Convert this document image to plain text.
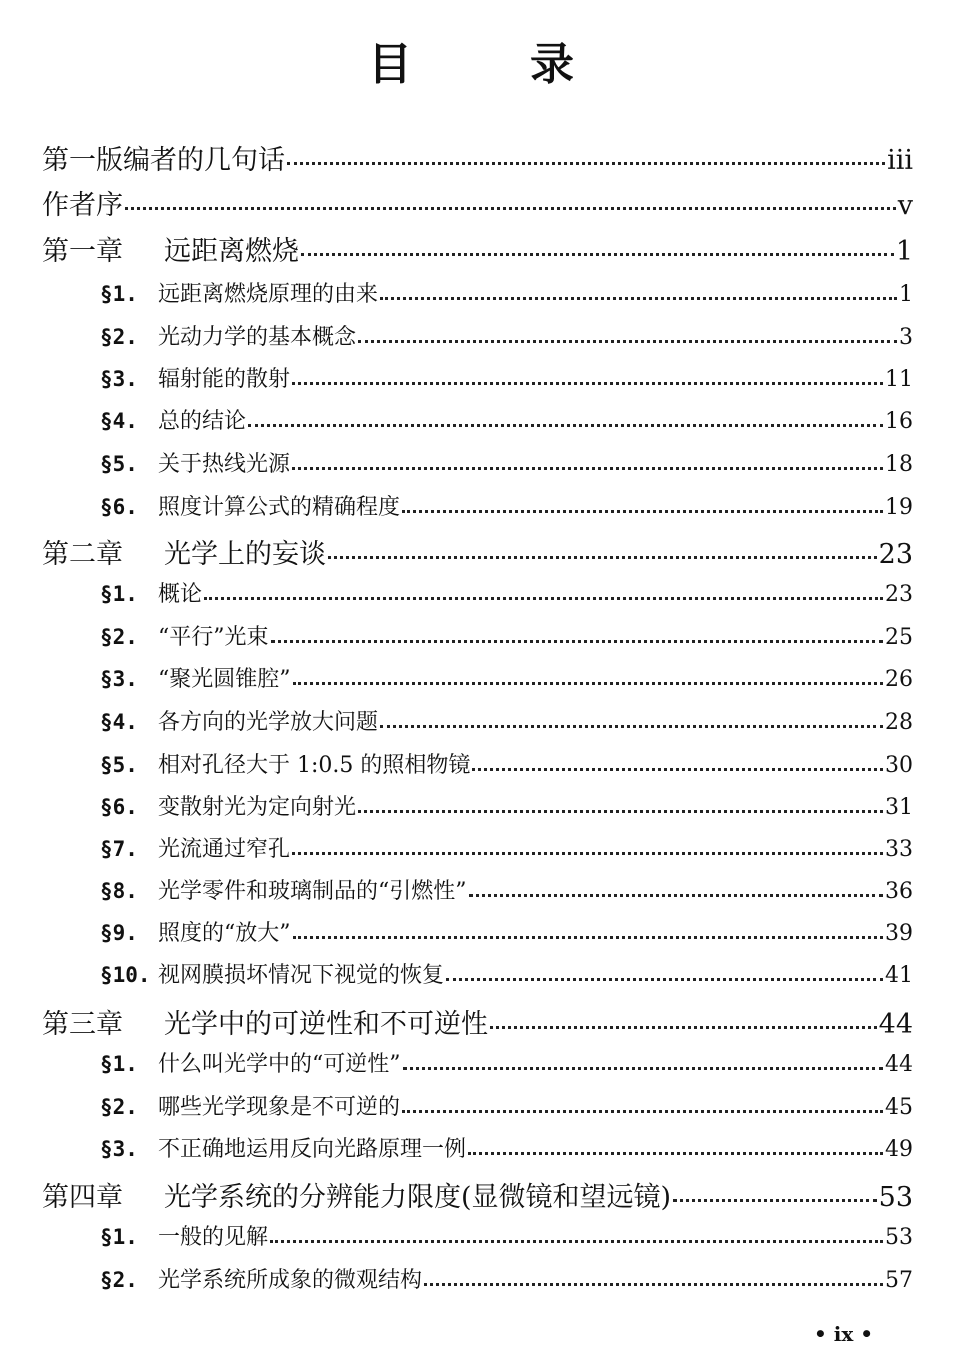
目	录
第一版编者的几句话	iii
作者序	v
第一章	远距离燃烧	1
§1. 远距离燃烧原理的由来	1
§2. 光动力学的基本概念	3
§3. 辐射能的散射	11
§4. 总的结论	16
§5. 关于热线光源	18
§6. 照度计算公式的精确程度	19
第二章	光学上的妄谈	23
§1. 概论	23
§2. “平行”光束	25
§3. “聚光圆锥腔”	26
§4. 各方向的光学放大问题	28
§5. 相对孔径大于 1:0.5 的照相物镜	30
§6. 变散射光为定向射光	31
§7. 光流通过窄孔	33
§8. 光学零件和玻璃制品的“引燃性”	36
§9. 照度的“放大”	39
§10. 视网膜损坏情况下视觉的恢复	41
第三章	光学中的可逆性和不可逆性	44
§1. 什么叫光学中的“可逆性”	44
§2. 哪些光学现象是不可逆的	45
§3. 不正确地运用反向光路原理一例	49
第四章	光学系统的分辨能力限度(显微镜和望远镜)	53
§1. 一般的见解	53
§2. 光学系统所成象的微观结构	57
• ix •
